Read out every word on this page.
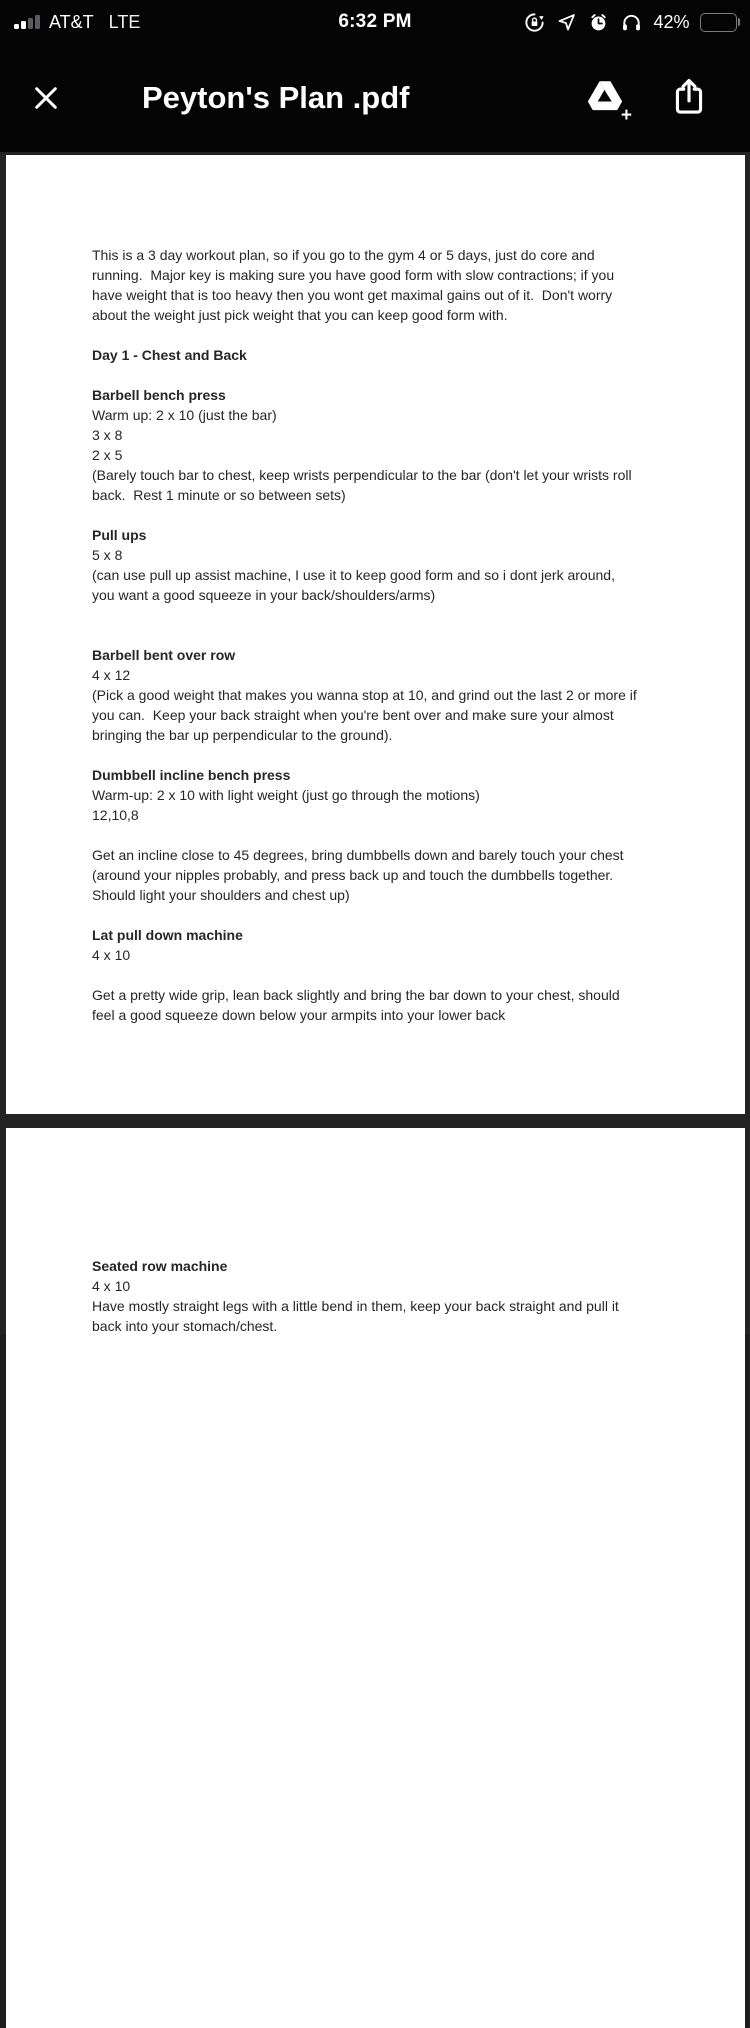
AT&T LTE	6:32 PM	42%
Peyton's Plan .pdf	+
This is a 3 day workout plan, so if you go to the gym 4 or 5 days, just do core and
running.  Major key is making sure you have good form with slow contractions; if you
have weight that is too heavy then you wont get maximal gains out of it.  Don't worry
about the weight just pick weight that you can keep good form with.
Day 1 - Chest and Back
Barbell bench press
Warm up: 2 x 10 (just the bar)
3 x 8
2 x 5
(Barely touch bar to chest, keep wrists perpendicular to the bar (don't let your wrists roll
back.  Rest 1 minute or so between sets)
Pull ups
5 x 8
(can use pull up assist machine, I use it to keep good form and so i dont jerk around,
you want a good squeeze in your back/shoulders/arms)
Barbell bent over row
4 x 12
(Pick a good weight that makes you wanna stop at 10, and grind out the last 2 or more if
you can.  Keep your back straight when you're bent over and make sure your almost
bringing the bar up perpendicular to the ground).
Dumbbell incline bench press
Warm-up: 2 x 10 with light weight (just go through the motions)
12,10,8
Get an incline close to 45 degrees, bring dumbbells down and barely touch your chest
(around your nipples probably, and press back up and touch the dumbbells together.
Should light your shoulders and chest up)
Lat pull down machine
4 x 10
Get a pretty wide grip, lean back slightly and bring the bar down to your chest, should
feel a good squeeze down below your armpits into your lower back
Seated row machine
4 x 10
Have mostly straight legs with a little bend in them, keep your back straight and pull it
back into your stomach/chest.
